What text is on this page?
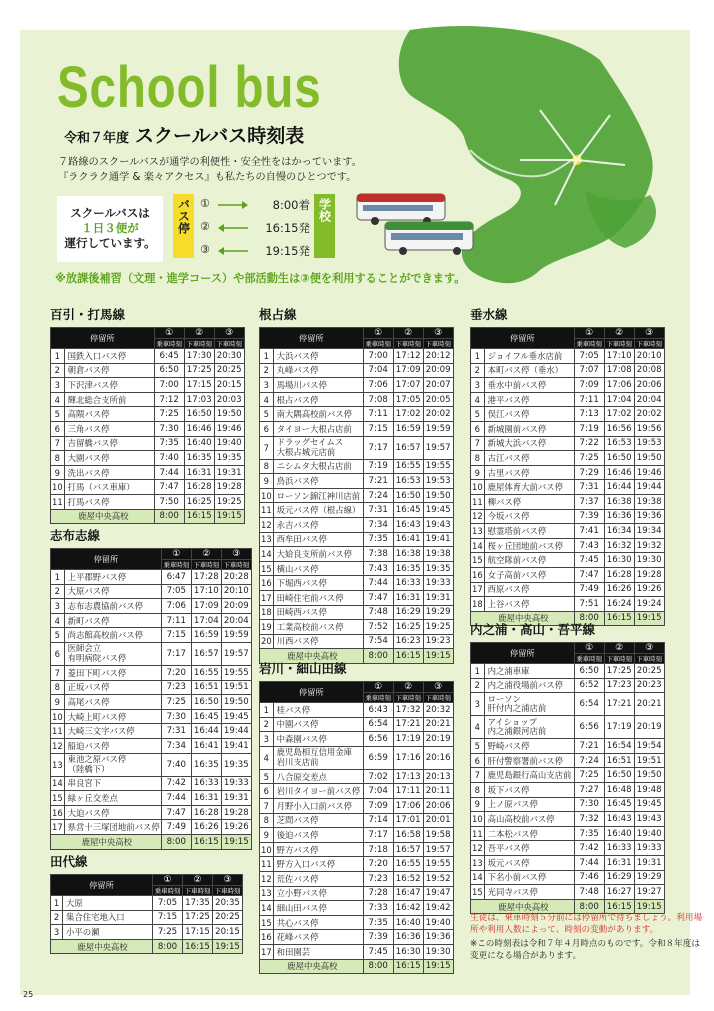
School bus
令和７年度 スクールバス時刻表
７路線のスクールバスが通学の利便性・安全性をはかっています。
『ラクラク通学 & 楽々アクセス』も私たちの自慢のひとつです。
スクールバスは
１日３便が
運行しています。
バス停	学校
①	8:00着
②	16:15発
③	19:15発
※放課後補習（文理・進学コース）や部活動生は③便を利用することができます。
百引・打馬線
停留所		①	②	③
		乗車時刻	下車時刻	下車時刻
1	国鉄入口バス停	6:45	17:30	20:30
2	朝倉バス停	6:50	17:25	20:25
3	下沢津バス停	7:00	17:15	20:15
4	輝北総合支所前	7:12	17:03	20:03
5	高隈バス停	7:25	16:50	19:50
6	三角バス停	7:30	16:46	19:46
7	吉留橋バス停	7:35	16:40	19:40
8	大園バス停	7:40	16:35	19:35
9	洗出バス停	7:44	16:31	19:31
10	打馬（バス車庫）	7:47	16:28	19:28
11	打馬バス停	7:50	16:25	19:25
鹿屋中央高校		8:00	16:15	19:15
志布志線
停留所		①	②	③
		乗車時刻	下車時刻	下車時刻
1	上平郡野バス停	6:47	17:28	20:28
2	大原バス停	7:05	17:10	20:10
3	志布志農協前バス停	7:06	17:09	20:09
4	新町バス停	7:11	17:04	20:04
5	尚志館高校前バス停	7:15	16:59	19:59
6	医師会立
有明病院バス停	7:17	16:57	19:57
7	菱田下町バス停	7:20	16:55	19:55
8	正坂バス停	7:23	16:51	19:51
9	高尾バス停	7:25	16:50	19:50
10	大崎上町バス停	7:30	16:45	19:45
11	大崎三文字バス停	7:31	16:44	19:44
12	船迫バス停	7:34	16:41	19:41
13	東池之原バス停
（陸橋下）	7:40	16:35	19:35
14	串良宮下	7:42	16:33	19:33
15	緑ヶ丘交差点	7:44	16:31	19:31
16	大迫バス停	7:47	16:28	19:28
17	県営十三塚団地前バス停	7:49	16:26	19:26
鹿屋中央高校		8:00	16:15	19:15
田代線
停留所		①	②	③
		乗車時刻	下車時刻	下車時刻
1	大原	7:05	17:35	20:35
2	集合住宅地入口	7:15	17:25	20:25
3	小平の瀬	7:25	17:15	20:15
鹿屋中央高校		8:00	16:15	19:15
根占線
停留所		①	②	③
		乗車時刻	下車時刻	下車時刻
1	大浜バス停	7:00	17:12	20:12
2	丸峰バス停	7:04	17:09	20:09
3	馬場川バス停	7:06	17:07	20:07
4	根占バス停	7:08	17:05	20:05
5	南大隅高校前バス停	7:11	17:02	20:02
6	タイヨー大根占店前	7:15	16:59	19:59
7	ドラッグセイムス
大根占城元店前	7:17	16:57	19:57
8	ニシムタ大根占店前	7:19	16:55	19:55
9	鳥浜バス停	7:21	16:53	19:53
10	ローソン錦江神川店前	7:24	16:50	19:50
11	坂元バス停（根占線）	7:31	16:45	19:45
12	永吉バス停	7:34	16:43	19:43
13	西牟田バス停	7:35	16:41	19:41
14	大姶良支所前バス停	7:38	16:38	19:38
15	横山バス停	7:43	16:35	19:35
16	下堀西バス停	7:44	16:33	19:33
17	田崎住宅前バス停	7:47	16:31	19:31
18	田崎西バス停	7:48	16:29	19:29
19	工業高校前バス停	7:52	16:25	19:25
20	川西バス停	7:54	16:23	19:23
鹿屋中央高校		8:00	16:15	19:15
岩川・細山田線
停留所		①	②	③
		乗車時刻	下車時刻	下車時刻
1	桂バス停	6:43	17:32	20:32
2	中園バス停	6:54	17:21	20:21
3	中森園バス停	6:56	17:19	20:19
4	鹿児島相互信用金庫
岩川支店前	6:59	17:16	20:16
5	八合原交差点	7:02	17:13	20:13
6	岩川タイヨー前バス停	7:04	17:11	20:11
7	月野小入口前バス停	7:09	17:06	20:06
8	芝間バス停	7:14	17:01	20:01
9	後迫バス停	7:17	16:58	19:58
10	野方バス停	7:18	16:57	19:57
11	野方入口バス停	7:20	16:55	19:55
12	荒佐バス停	7:23	16:52	19:52
13	立小野バス停	7:28	16:47	19:47
14	細山田バス停	7:33	16:42	19:42
15	共心バス停	7:35	16:40	19:40
16	花峰バス停	7:39	16:36	19:36
17	和田園芸	7:45	16:30	19:30
鹿屋中央高校		8:00	16:15	19:15
垂水線
停留所		①	②	③
		乗車時刻	下車時刻	下車時刻
1	ジョイフル垂水店前	7:05	17:10	20:10
2	本町バス停（垂水）	7:07	17:08	20:08
3	垂水中前バス停	7:09	17:06	20:06
4	港平バス停	7:11	17:04	20:04
5	俣江バス停	7:13	17:02	20:02
6	新城園前バス停	7:19	16:56	19:56
7	新城大浜バス停	7:22	16:53	19:53
8	古江バス停	7:25	16:50	19:50
9	古里バス停	7:29	16:46	19:46
10	鹿屋体育大前バス停	7:31	16:44	19:44
11	柳バス停	7:37	16:38	19:38
12	今坂バス停	7:39	16:36	19:36
13	慰霊塔前バス停	7:41	16:34	19:34
14	桜ヶ丘団地前バス停	7:43	16:32	19:32
15	航空隊前バス停	7:45	16:30	19:30
16	女子高前バス停	7:47	16:28	19:28
17	西原バス停	7:49	16:26	19:26
18	上谷バス停	7:51	16:24	19:24
鹿屋中央高校		8:00	16:15	19:15
内之浦・高山・吾平線
停留所		①	②	③
		乗車時刻	下車時刻	下車時刻
1	内之浦車庫	6:50	17:25	20:25
2	内之浦役場前バス停	6:52	17:23	20:23
3	ローソン
肝付内之浦店前	6:54	17:21	20:21
4	アイショップ
内之浦銀河店前	6:56	17:19	20:19
5	野崎バス停	7:21	16:54	19:54
6	肝付警察署前バス停	7:24	16:51	19:51
7	鹿児島銀行高山支店前	7:25	16:50	19:50
8	坂下バス停	7:27	16:48	19:48
9	上ノ原バス停	7:30	16:45	19:45
10	高山高校前バス停	7:32	16:43	19:43
11	二本松バス停	7:35	16:40	19:40
12	吾平バス停	7:42	16:33	19:33
13	坂元バス停	7:44	16:31	19:31
14	下名小前バス停	7:46	16:29	19:29
15	光同寺バス停	7:48	16:27	19:27
鹿屋中央高校		8:00	16:15	19:15
生徒は、乗車時刻５分前には停留所で待ちましょう。利用場所や利用人数によって、時刻の変動があります。
※この時刻表は令和７年４月時点のものです。令和８年度は変更になる場合があります。
25
